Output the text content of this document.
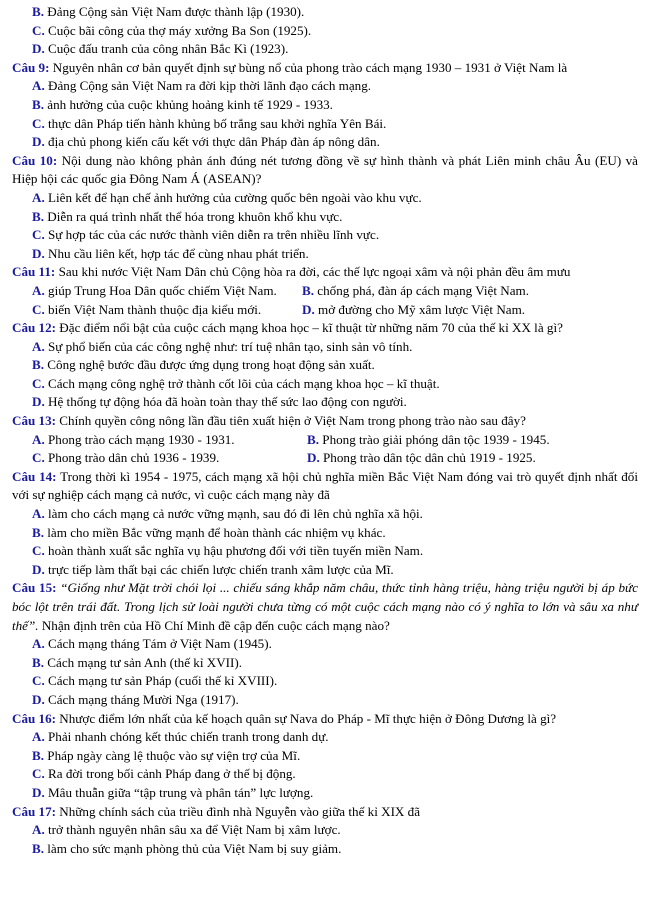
B. Đảng Cộng sản Việt Nam được thành lập (1930).
C. Cuộc bãi công của thợ máy xưởng Ba Son (1925).
D. Cuộc đấu tranh của công nhân Bắc Kì (1923).
Câu 9: Nguyên nhân cơ bản quyết định sự bùng nổ của phong trào cách mạng 1930 – 1931 ở Việt Nam là
A. Đảng Cộng sản Việt Nam ra đời kịp thời lãnh đạo cách mạng.
B. ảnh hưởng của cuộc khủng hoảng kinh tế 1929 - 1933.
C. thực dân Pháp tiến hành khủng bố trắng sau khởi nghĩa Yên Bái.
D. địa chủ phong kiến cấu kết với thực dân Pháp đàn áp nông dân.
Câu 10: Nội dung nào không phản ánh đúng nét tương đồng về sự hình thành và phát Liên minh châu Âu (EU) và Hiệp hội các quốc gia Đông Nam Á (ASEAN)?
A. Liên kết để hạn chế ảnh hưởng của cường quốc bên ngoài vào khu vực.
B. Diễn ra quá trình nhất thể hóa trong khuôn khổ khu vực.
C. Sự hợp tác của các nước thành viên diễn ra trên nhiều lĩnh vực.
D. Nhu cầu liên kết, hợp tác để cùng nhau phát triển.
Câu 11: Sau khi nước Việt Nam Dân chủ Cộng hòa ra đời, các thế lực ngoại xâm và nội phản đều âm mưu
A. giúp Trung Hoa Dân quốc chiếm Việt Nam.	B. chống phá, đàn áp cách mạng Việt Nam.
C. biến Việt Nam thành thuộc địa kiểu mới.	D. mở đường cho Mỹ xâm lược Việt Nam.
Câu 12: Đặc điểm nổi bật của cuộc cách mạng khoa học – kĩ thuật từ những năm 70 của thế kỉ XX là gì?
A. Sự phổ biến của các công nghệ như: trí tuệ nhân tạo, sinh sản vô tính.
B. Công nghệ bước đầu được ứng dụng trong hoạt động sản xuất.
C. Cách mạng công nghệ trở thành cốt lõi của cách mạng khoa học – kĩ thuật.
D. Hệ thống tự động hóa đã hoàn toàn thay thế sức lao động con người.
Câu 13: Chính quyền công nông lần đầu tiên xuất hiện ở Việt Nam trong phong trào nào sau đây?
A. Phong trào cách mạng 1930 - 1931.	B. Phong trào giải phóng dân tộc 1939 - 1945.
C. Phong trào dân chủ 1936 - 1939.	D. Phong trào dân tộc dân chủ 1919 - 1925.
Câu 14: Trong thời kì 1954 - 1975, cách mạng xã hội chủ nghĩa miền Bắc Việt Nam đóng vai trò quyết định nhất đối với sự nghiệp cách mạng cả nước, vì cuộc cách mạng này đã
A. làm cho cách mạng cả nước vững mạnh, sau đó đi lên chủ nghĩa xã hội.
B. làm cho miền Bắc vững mạnh để hoàn thành các nhiệm vụ khác.
C. hoàn thành xuất sắc nghĩa vụ hậu phương đối với tiền tuyến miền Nam.
D. trực tiếp làm thất bại các chiến lược chiến tranh xâm lược của Mĩ.
Câu 15: “Giống như Mặt trời chói lọi ... chiếu sáng khắp năm châu, thức tỉnh hàng triệu, hàng triệu người bị áp bức bóc lột trên trái đất. Trong lịch sử loài người chưa từng có một cuộc cách mạng nào có ý nghĩa to lớn và sâu xa như thế”. Nhận định trên của Hồ Chí Minh đề cập đến cuộc cách mạng nào?
A. Cách mạng tháng Tám ở Việt Nam (1945).
B. Cách mạng tư sản Anh (thế kỉ XVII).
C. Cách mạng tư sản Pháp (cuối thế kỉ XVIII).
D. Cách mạng tháng Mười Nga (1917).
Câu 16: Nhược điểm lớn nhất của kế hoạch quân sự Nava do Pháp - Mĩ thực hiện ở Đông Dương là gì?
A. Phải nhanh chóng kết thúc chiến tranh trong danh dự.
B. Pháp ngày càng lệ thuộc vào sự viện trợ của Mĩ.
C. Ra đời trong bối cảnh Pháp đang ở thế bị động.
D. Mâu thuẫn giữa “tập trung và phân tán” lực lượng.
Câu 17: Những chính sách của triều đình nhà Nguyễn vào giữa thế kỉ XIX đã
A. trở thành nguyên nhân sâu xa để Việt Nam bị xâm lược.
B. làm cho sức mạnh phòng thủ của Việt Nam bị suy giảm.
